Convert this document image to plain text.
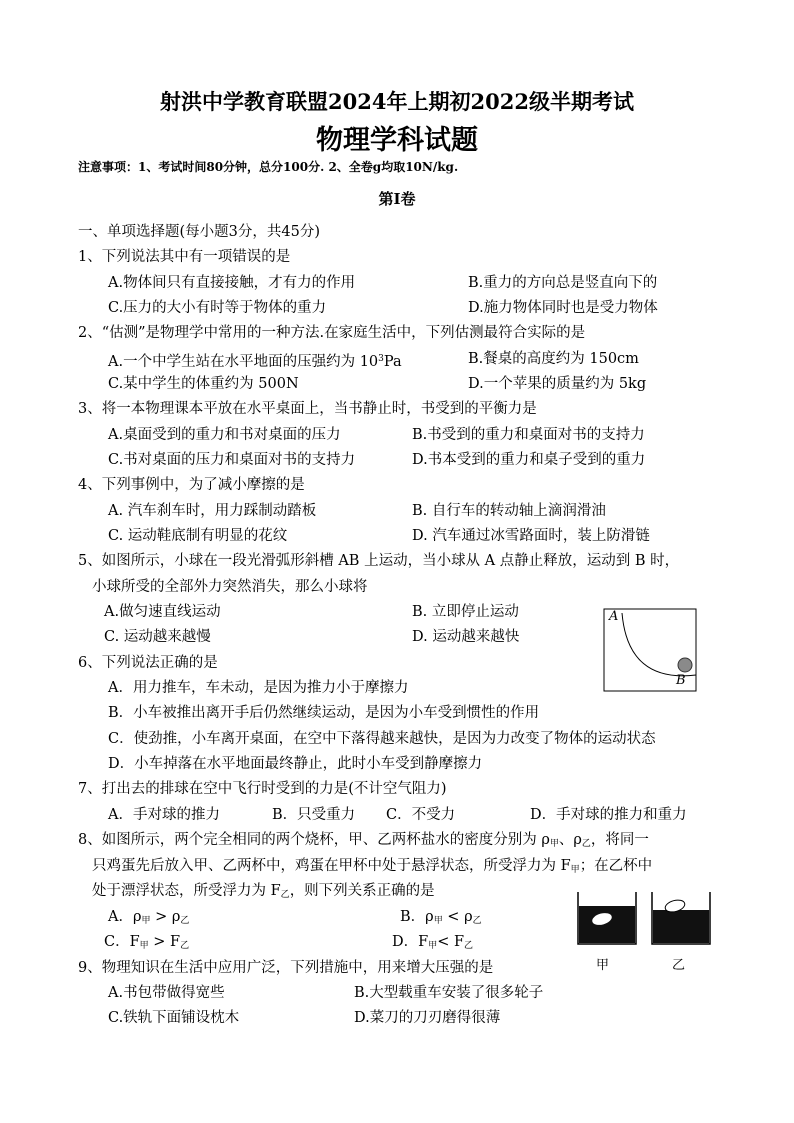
射洪中学教育联盟2024年上期初2022级半期考试
物理学科试题
注意事项：1、考试时间80分钟，总分100分. 2、全卷g均取10N/kg.
第Ⅰ卷
一、单项选择题(每小题3分，共45分)
1、下列说法其中有一项错误的是
A.物体间只有直接接触，才有力的作用	B.重力的方向总是竖直向下的
C.压力的大小有时等于物体的重力	D.施力物体同时也是受力物体
2、“估测”是物理学中常用的一种方法.在家庭生活中，下列估测最符合实际的是
A.一个中学生站在水平地面的压强约为 $10^3Pa$	B.餐桌的高度约为 150cm
C.某中学生的体重约为 500N	D.一个苹果的质量约为 5kg
3、将一本物理课本平放在水平桌面上，当书静止时，书受到的平衡力是
A.桌面受到的重力和书对桌面的压力	B.书受到的重力和桌面对书的支持力
C.书对桌面的压力和桌面对书的支持力	D.书本受到的重力和桌子受到的重力
4、下列事例中，为了减小摩擦的是
A. 汽车刹车时，用力踩制动踏板	B. 自行车的转动轴上滴润滑油
C. 运动鞋底制有明显的花纹	D. 汽车通过冰雪路面时，装上防滑链
5、如图所示，小球在一段光滑弧形斜槽 AB 上运动，当小球从 A 点静止释放，运动到 B 时，
小球所受的全部外力突然消失，那么小球将
A.做匀速直线运动	B. 立即停止运动
C. 运动越来越慢	D. 运动越来越快
A
B
6、下列说法正确的是
A．用力推车，车未动，是因为推力小于摩擦力
B．小车被推出离开手后仍然继续运动，是因为小车受到惯性的作用
C．使劲推，小车离开桌面，在空中下落得越来越快，是因为力改变了物体的运动状态
D．小车掉落在水平地面最终静止，此时小车受到静摩擦力
7、打出去的排球在空中飞行时受到的力是(不计空气阻力)
A．手对球的推力	B．只受重力 C．不受力	D．手对球的推力和重力
8、如图所示，两个完全相同的两个烧杯，甲、乙两杯盐水的密度分别为 $\rho_甲$、$\rho_乙$，将同一
只鸡蛋先后放入甲、乙两杯中，鸡蛋在甲杯中处于悬浮状态，所受浮力为 $F_甲$；在乙杯中
处于漂浮状态，所受浮力为 $F_乙$，则下列关系正确的是
A．$\rho_甲 > \rho_乙$	B．$\rho_甲 < \rho_乙$
C．$F_甲 > F_乙$	D．$F_甲< F_乙$
甲	乙
9、物理知识在生活中应用广泛，下列措施中，用来增大压强的是
A.书包带做得宽些	B.大型载重车安装了很多轮子
C.铁轨下面铺设枕木	D.菜刀的刀刃磨得很薄
